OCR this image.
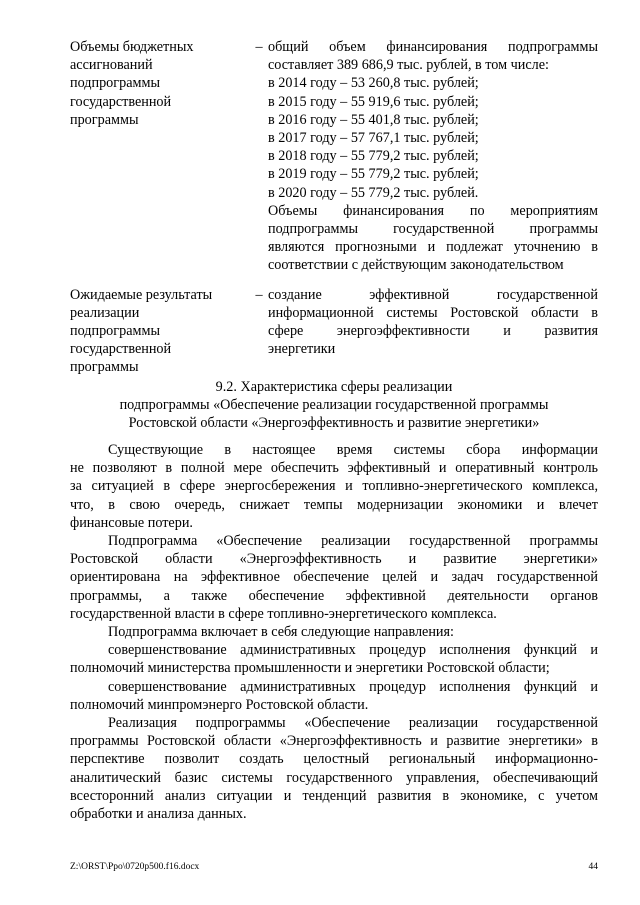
Объемы бюджетных
ассигнований
подпрограммы
государственной
программы
– общий объем финансирования подпрограммы
составляет 389 686,9 тыс. рублей, в том числе:
в 2014 году – 53 260,8 тыс. рублей;
в 2015 году – 55 919,6 тыс. рублей;
в 2016 году – 55 401,8 тыс. рублей;
в 2017 году – 57 767,1 тыс. рублей;
в 2018 году – 55 779,2 тыс. рублей;
в 2019 году – 55 779,2 тыс. рублей;
в 2020 году – 55 779,2 тыс. рублей.
Объемы финансирования по мероприятиям
подпрограммы государственной программы
являются прогнозными и подлежат уточнению в
соответствии с действующим законодательством
Ожидаемые результаты
реализации
подпрограммы
государственной
программы
– создание эффективной государственной
информационной системы Ростовской области в
сфере энергоэффективности и развития
энергетики
9.2. Характеристика сферы реализации
подпрограммы «Обеспечение реализации государственной программы
Ростовской области «Энергоэффективность и развитие энергетики»
Существующие в настоящее время системы сбора информации
не позволяют в полной мере обеспечить эффективный и оперативный контроль
за ситуацией в сфере энергосбережения и топливно-энергетического комплекса,
что, в свою очередь, снижает темпы модернизации экономики и влечет
финансовые потери.
Подпрограмма «Обеспечение реализации государственной программы
Ростовской области «Энергоэффективность и развитие энергетики»
ориентирована на эффективное обеспечение целей и задач государственной
программы, а также обеспечение эффективной деятельности органов
государственной власти в сфере топливно-энергетического комплекса.
Подпрограмма включает в себя следующие направления:
совершенствование административных процедур исполнения функций и
полномочий министерства промышленности и энергетики Ростовской области;
совершенствование административных процедур исполнения функций и
полномочий минпромэнерго Ростовской области.
Реализация подпрограммы «Обеспечение реализации государственной
программы Ростовской области «Энергоэффективность и развитие энергетики» в
перспективе позволит создать целостный региональный информационно-
аналитический базис системы государственного управления, обеспечивающий
всесторонний анализ ситуации и тенденций развития в экономике, с учетом
обработки и анализа данных.
Z:\ORST\Ppo\0720p500.f16.docx	44
